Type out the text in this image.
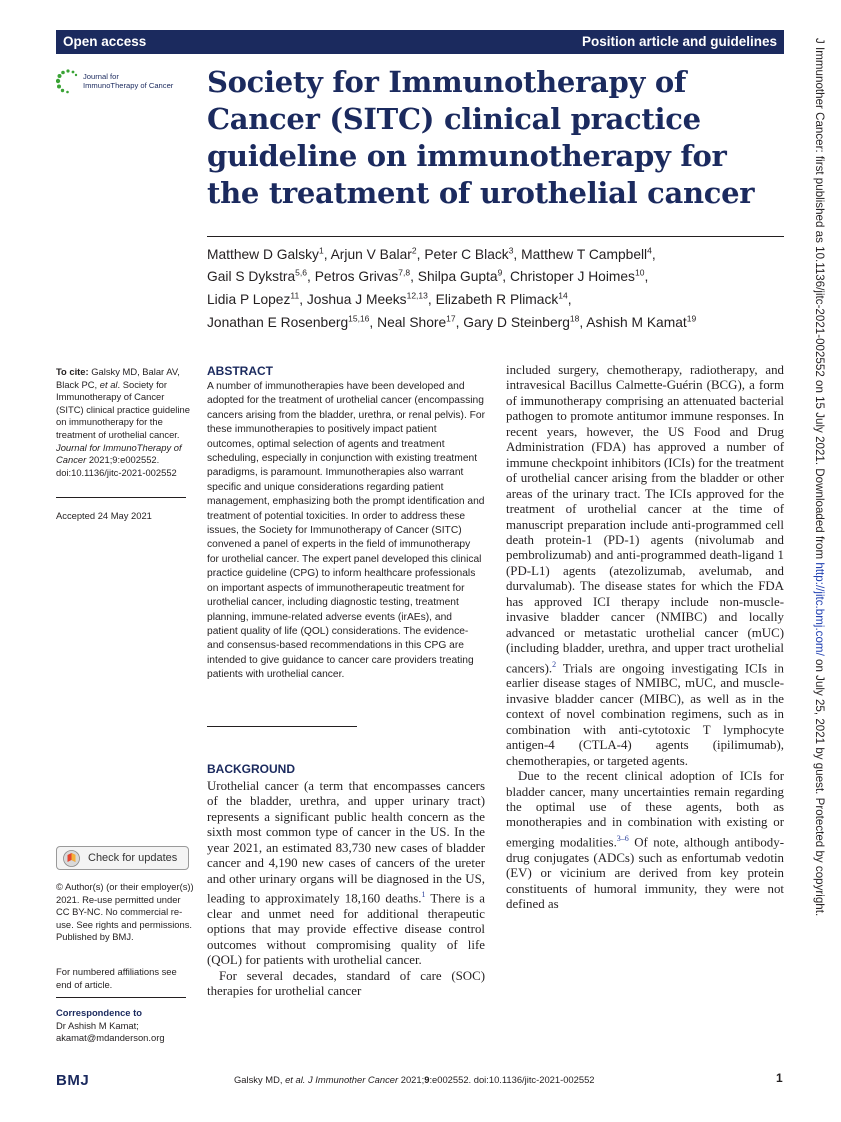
Open access	Position article and guidelines
Journal for
ImmunoTherapy of Cancer Society for Immunotherapy of Cancer (SITC) clinical practice guideline on immunotherapy for the treatment of urothelial cancer
Matthew D Galsky$^1$, Arjun V Balar$^2$, Peter C Black$^3$, Matthew T Campbell$^4$,
Gail S Dykstra$^{5,6}$, Petros Grivas$^{7,8}$, Shilpa Gupta$^9$, Christoper J Hoimes$^{10}$,
Lidia P Lopez$^{11}$, Joshua J Meeks$^{12,13}$, Elizabeth R Plimack$^{14}$,
Jonathan E Rosenberg$^{15,16}$, Neal Shore$^{17}$, Gary D Steinberg$^{18}$, Ashish M Kamat$^{19}$
To cite: Galsky MD, Balar AV, Black PC, et al. Society for Immunotherapy of Cancer (SITC) clinical practice guideline on immunotherapy for the treatment of urothelial cancer. Journal for ImmunoTherapy of Cancer 2021;9:e002552. doi:10.1136/jitc-2021-002552
Accepted 24 May 2021
Check for updates
© Author(s) (or their employer(s)) 2021. Re-use permitted under CC BY-NC. No commercial re-use. See rights and permissions. Published by BMJ.
For numbered affiliations see end of article.
Correspondence to
Dr Ashish M Kamat;
akamat@mdanderson.org
ABSTRACT

A number of immunotherapies have been developed and adopted for the treatment of urothelial cancer (encompassing cancers arising from the bladder, urethra, or renal pelvis). For these immunotherapies to positively impact patient outcomes, optimal selection of agents and treatment scheduling, especially in conjunction with existing treatment paradigms, is paramount. Immunotherapies also warrant specific and unique considerations regarding patient management, emphasizing both the prompt identification and treatment of potential toxicities. In order to address these issues, the Society for Immunotherapy of Cancer (SITC) convened a panel of experts in the field of immunotherapy for urothelial cancer. The expert panel developed this clinical practice guideline (CPG) to inform healthcare professionals on important aspects of immunotherapeutic treatment for urothelial cancer, including diagnostic testing, treatment planning, immune-related adverse events (irAEs), and patient quality of life (QOL) considerations. The evidence- and consensus-based recommendations in this CPG are intended to give guidance to cancer care providers treating patients with urothelial cancer.

BACKGROUND

Urothelial cancer (a term that encompasses cancers of the bladder, urethra, and upper urinary tract) represents a significant public health concern as the sixth most common type of cancer in the US. In the year 2021, an estimated 83,730 new cases of bladder cancer and 4,190 new cases of cancers of the ureter and other urinary organs will be diagnosed in the US, leading to approximately 18,160 deaths.$^1$ There is a clear and unmet need for additional therapeutic options that may provide effective disease control outcomes without compromising quality of life (QOL) for patients with urothelial cancer.

For several decades, standard of care (SOC) therapies for urothelial cancer

included surgery, chemotherapy, radiotherapy, and intravesical Bacillus Calmette-Guérin (BCG), a form of immunotherapy comprising an attenuated bacterial pathogen to promote antitumor immune responses. In recent years, however, the US Food and Drug Administration (FDA) has approved a number of immune checkpoint inhibitors (ICIs) for the treatment of urothelial cancer arising from the bladder or other areas of the urinary tract. The ICIs approved for the treatment of urothelial cancer at the time of manuscript preparation include anti-programmed cell death protein-1 (PD-1) agents (nivolumab and pembrolizumab) and anti-programmed death-ligand 1 (PD-L1) agents (atezolizumab, avelumab, and durvalumab). The disease states for which the FDA has approved ICI therapy include non-muscle-invasive bladder cancer (NMIBC) and locally advanced or metastatic urothelial cancer (mUC) (including bladder, urethra, and upper tract urothelial cancers).$^2$ Trials are ongoing investigating ICIs in earlier disease stages of NMIBC, mUC, and muscle-invasive bladder cancer (MIBC), as well as in the context of novel combination regimens, such as in combination with anti-cytotoxic T lymphocyte antigen-4 (CTLA-4) agents (ipilimumab), chemotherapies, or targeted agents.

Due to the recent clinical adoption of ICIs for bladder cancer, many uncertainties remain regarding the optimal use of these agents, both as monotherapies and in combination with existing or emerging modalities.$^{3-6}$ Of note, although antibody-drug conjugates (ADCs) such as enfortumab vedotin (EV) or vicinium are derived from key protein constituents of humoral immunity, they were not defined as

J Immunother Cancer: first published as 10.1136/jitc-2021-002552 on 15 July 2021. Downloaded from http://jitc.bmj.com/ on July 25, 2021 by guest. Protected by copyright.
BMJ	Galsky MD, et al. J Immunother Cancer 2021;9:e002552. doi:10.1136/jitc-2021-002552	1
